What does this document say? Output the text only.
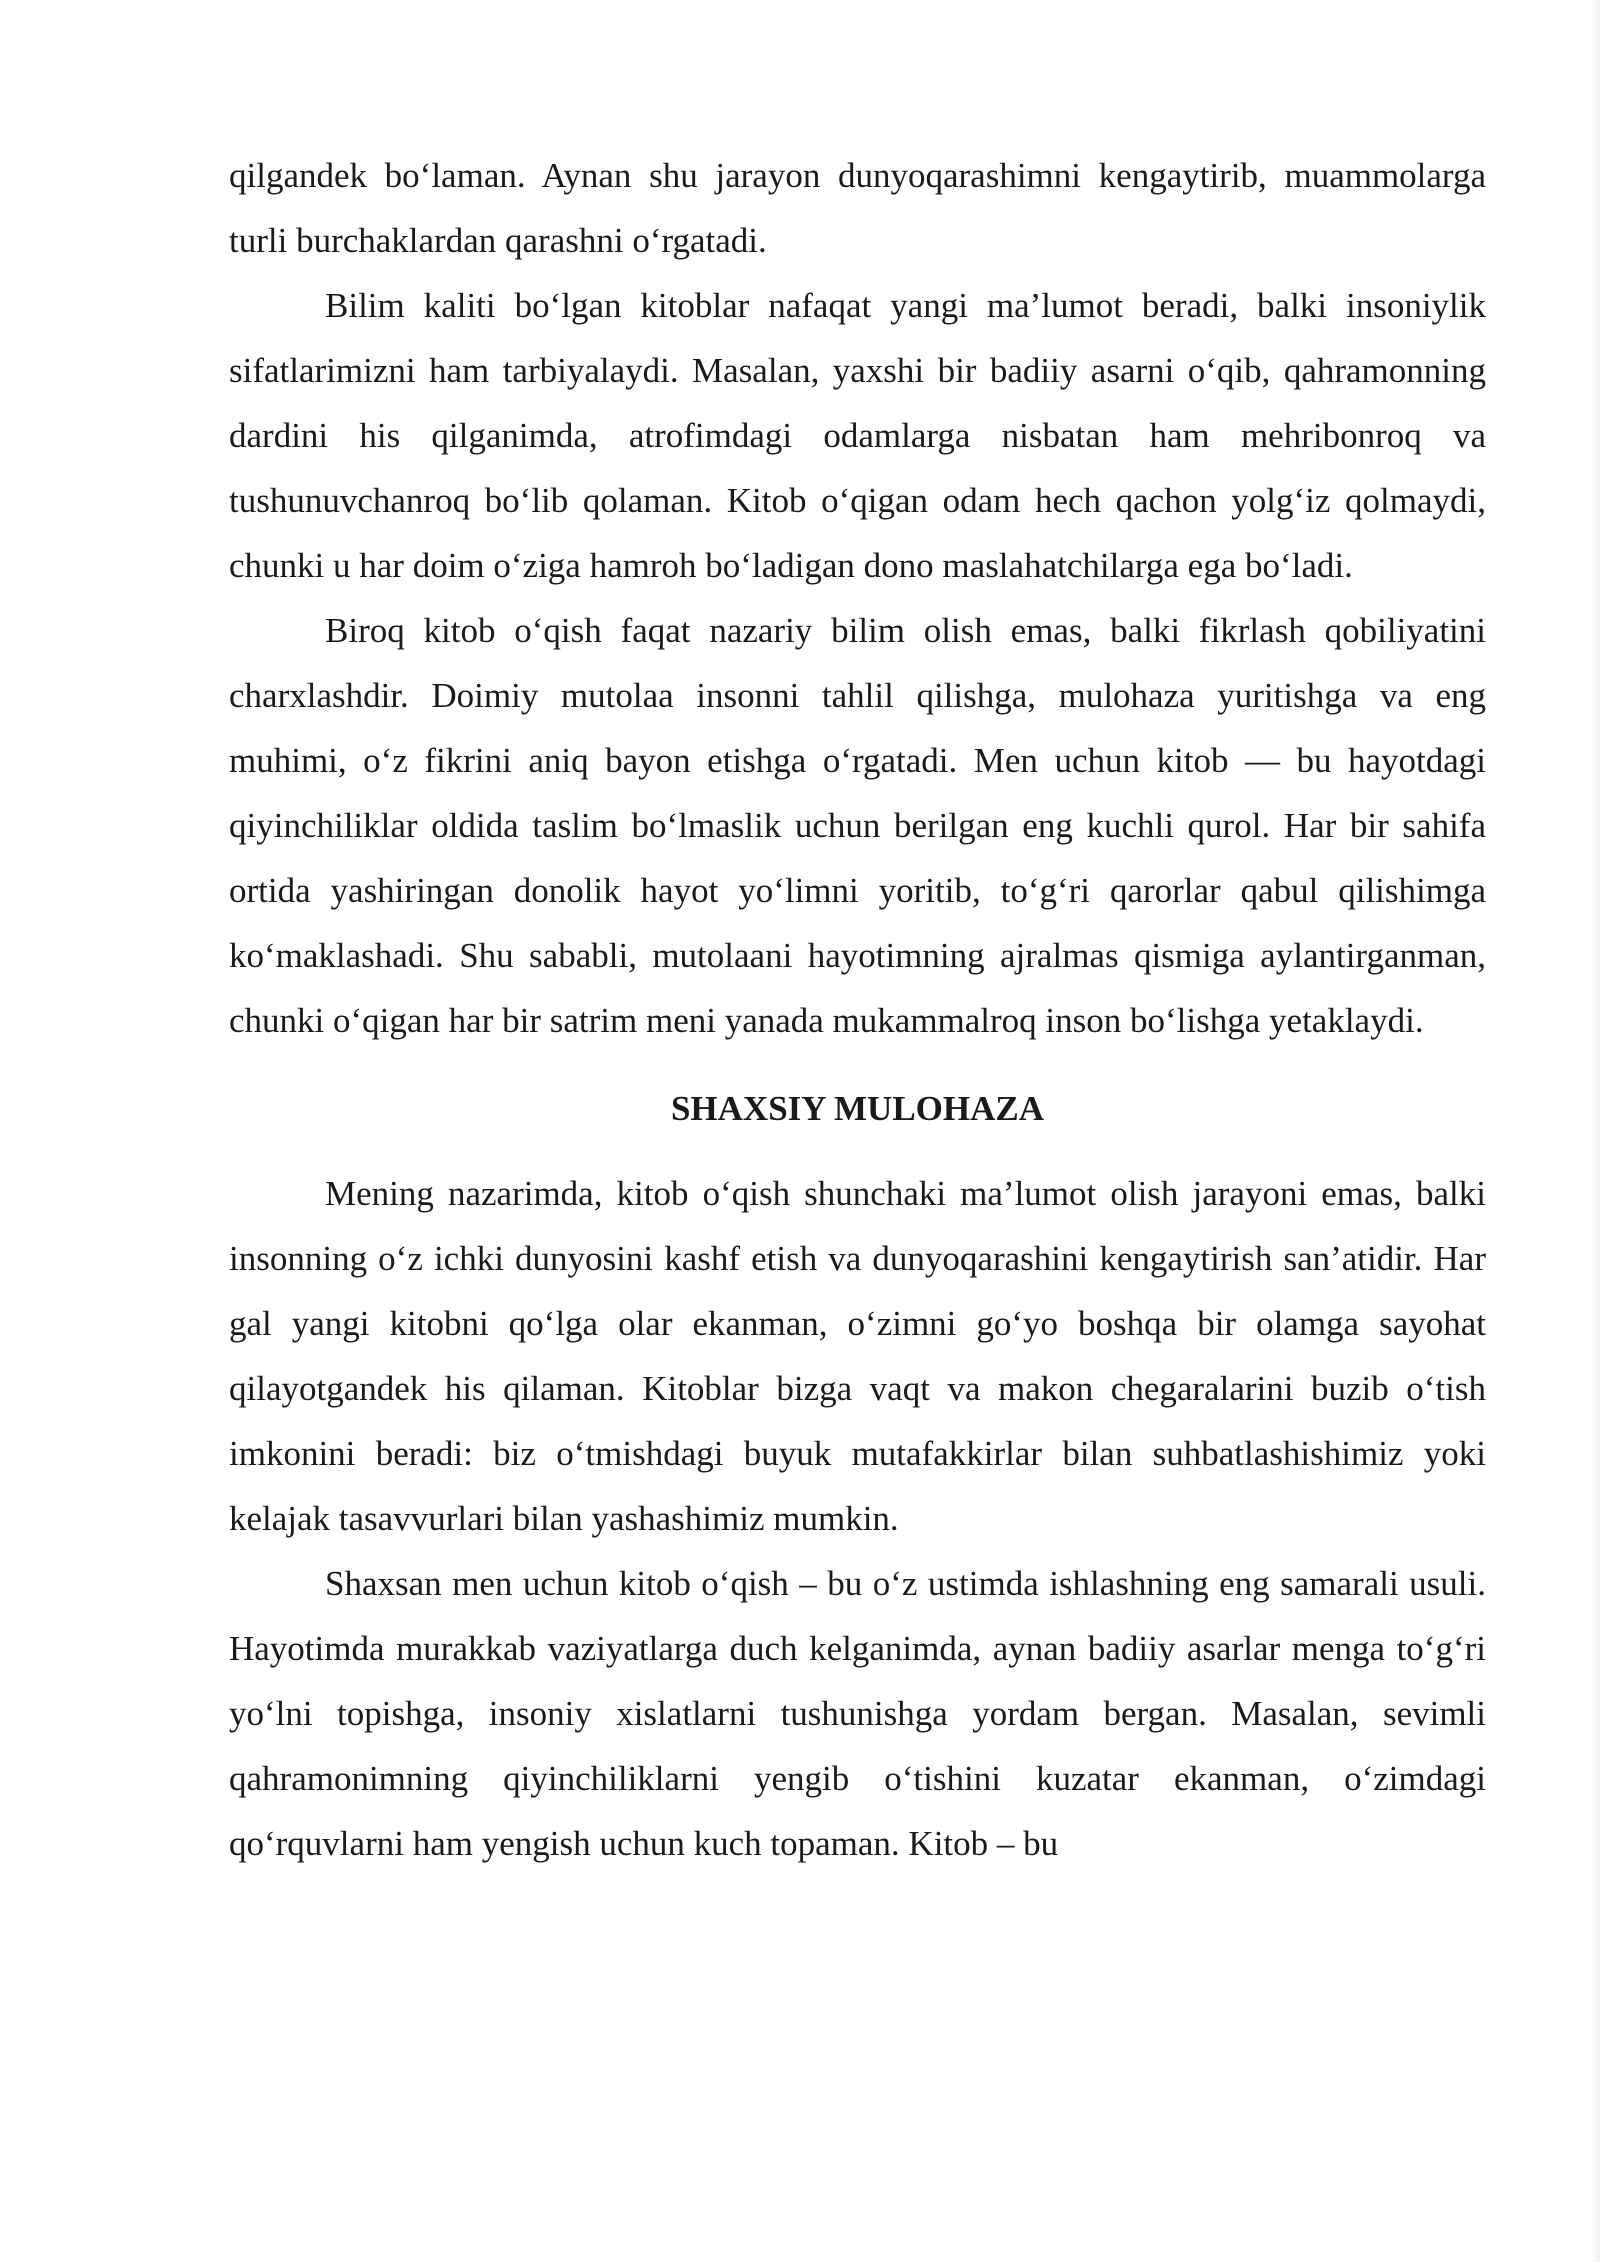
qilgandek bo‘laman. Aynan shu jarayon dunyoqarashimni kengaytirib, muammolarga turli burchaklardan qarashni o‘rgatadi.

Bilim kaliti bo‘lgan kitoblar nafaqat yangi ma’lumot beradi, balki insoniylik sifatlarimizni ham tarbiyalaydi. Masalan, yaxshi bir badiiy asarni o‘qib, qahramonning dardini his qilganimda, atrofimdagi odamlarga nisbatan ham mehribonroq va tushunuvchanroq bo‘lib qolaman. Kitob o‘qigan odam hech qachon yolg‘iz qolmaydi, chunki u har doim o‘ziga hamroh bo‘ladigan dono maslahatchilarga ega bo‘ladi.

Biroq kitob o‘qish faqat nazariy bilim olish emas, balki fikrlash qobiliyatini charxlashdir. Doimiy mutolaa insonni tahlil qilishga, mulohaza yuritishga va eng muhimi, o‘z fikrini aniq bayon etishga o‘rgatadi. Men uchun kitob — bu hayotdagi qiyinchiliklar oldida taslim bo‘lmaslik uchun berilgan eng kuchli qurol. Har bir sahifa ortida yashiringan donolik hayot yo‘limni yoritib, to‘g‘ri qarorlar qabul qilishimga ko‘maklashadi. Shu sababli, mutolaani hayotimning ajralmas qismiga aylantirganman, chunki o‘qigan har bir satrim meni yanada mukammalroq inson bo‘lishga yetaklaydi.

SHAXSIY MULOHAZA

Mening nazarimda, kitob o‘qish shunchaki ma’lumot olish jarayoni emas, balki insonning o‘z ichki dunyosini kashf etish va dunyoqarashini kengaytirish san’atidir. Har gal yangi kitobni qo‘lga olar ekanman, o‘zimni go‘yo boshqa bir olamga sayohat qilayotgandek his qilaman. Kitoblar bizga vaqt va makon chegaralarini buzib o‘tish imkonini beradi: biz o‘tmishdagi buyuk mutafakkirlar bilan suhbatlashishimiz yoki kelajak tasavvurlari bilan yashashimiz mumkin.

Shaxsan men uchun kitob o‘qish – bu o‘z ustimda ishlashning eng samarali usuli. Hayotimda murakkab vaziyatlarga duch kelganimda, aynan badiiy asarlar menga to‘g‘ri yo‘lni topishga, insoniy xislatlarni tushunishga yordam bergan. Masalan, sevimli qahramonimning qiyinchiliklarni yengib o‘tishini kuzatar ekanman, o‘zimdagi qo‘rquvlarni ham yengish uchun kuch topaman. Kitob – bu
